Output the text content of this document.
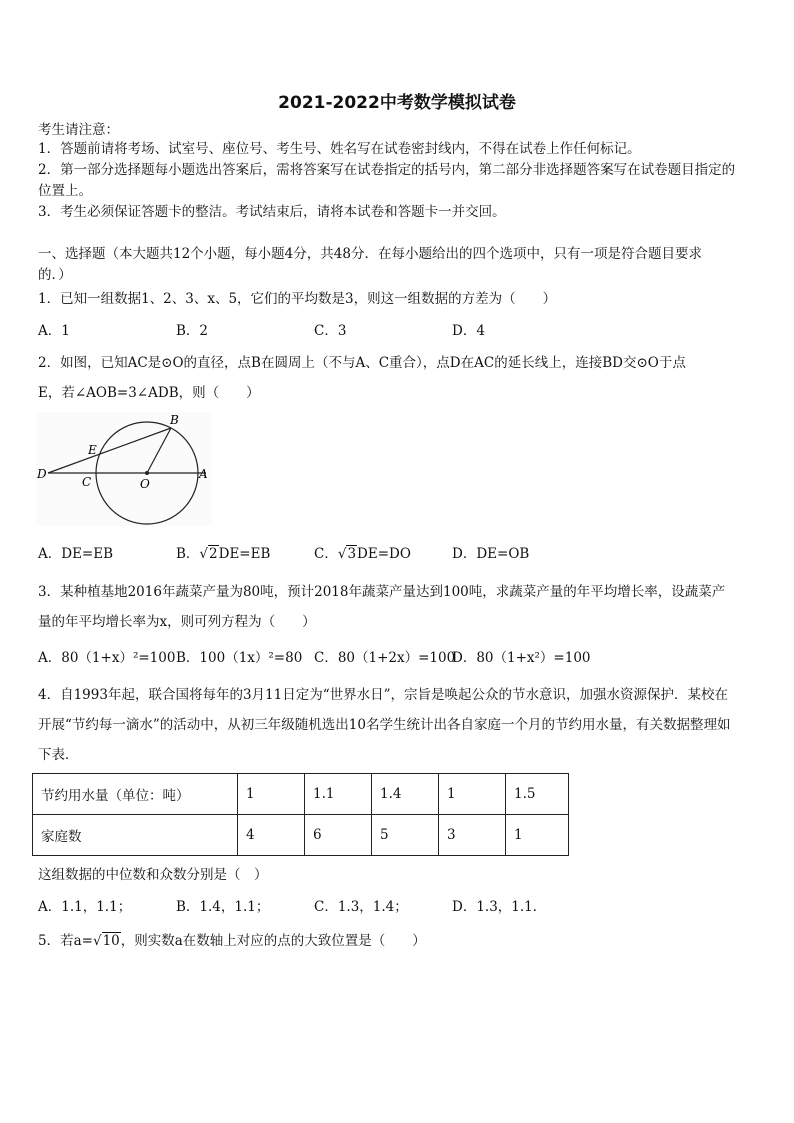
2021-2022中考数学模拟试卷
考生请注意：
1．答题前请将考场、试室号、座位号、考生号、姓名写在试卷密封线内，不得在试卷上作任何标记。
2．第一部分选择题每小题选出答案后，需将答案写在试卷指定的括号内，第二部分非选择题答案写在试卷题目指定的
位置上。
3．考生必须保证答题卡的整洁。考试结束后，请将本试卷和答题卡一并交回。
一、选择题（本大题共12个小题，每小题4分，共48分．在每小题给出的四个选项中，只有一项是符合题目要求
的．）
1．已知一组数据1、2、3、x、5，它们的平均数是3，则这一组数据的方差为（　　）
A．1	B．2	C．3	D．4
2．如图，已知AC是⊙O的直径，点B在圆周上（不与A、C重合），点D在AC的延长线上，连接BD交⊙O于点
E，若∠AOB=3∠ADB，则（　　）
B
E
D
C	O
A
A．DE=EB	B．√2DE=EB	C．√3DE=DO	D．DE=OB
3．某种植基地2016年蔬菜产量为80吨，预计2018年蔬菜产量达到100吨，求蔬菜产量的年平均增长率，设蔬菜产
量的年平均增长率为x，则可列方程为（　　）
A．80（1+x）²=100 B．100（1x）²=80 C．80（1+2x）=100
D．80（1+x²）=100
4．自1993年起，联合国将每年的3月11日定为“世界水日”，宗旨是唤起公众的节水意识，加强水资源保护．某校在
开展“节约每一滴水”的活动中，从初三年级随机选出10名学生统计出各自家庭一个月的节约用水量，有关数据整理如
下表．
节约用水量（单位：吨）	1	1.1	1.4	1	1.5
家庭数	4	6	5	3	1
这组数据的中位数和众数分别是（　）
A．1.1，1.1；	B．1.4，1.1；	C．1.3，1.4；	D．1.3，1.1．
5．若a=√10，则实数a在数轴上对应的点的大致位置是（　　）
